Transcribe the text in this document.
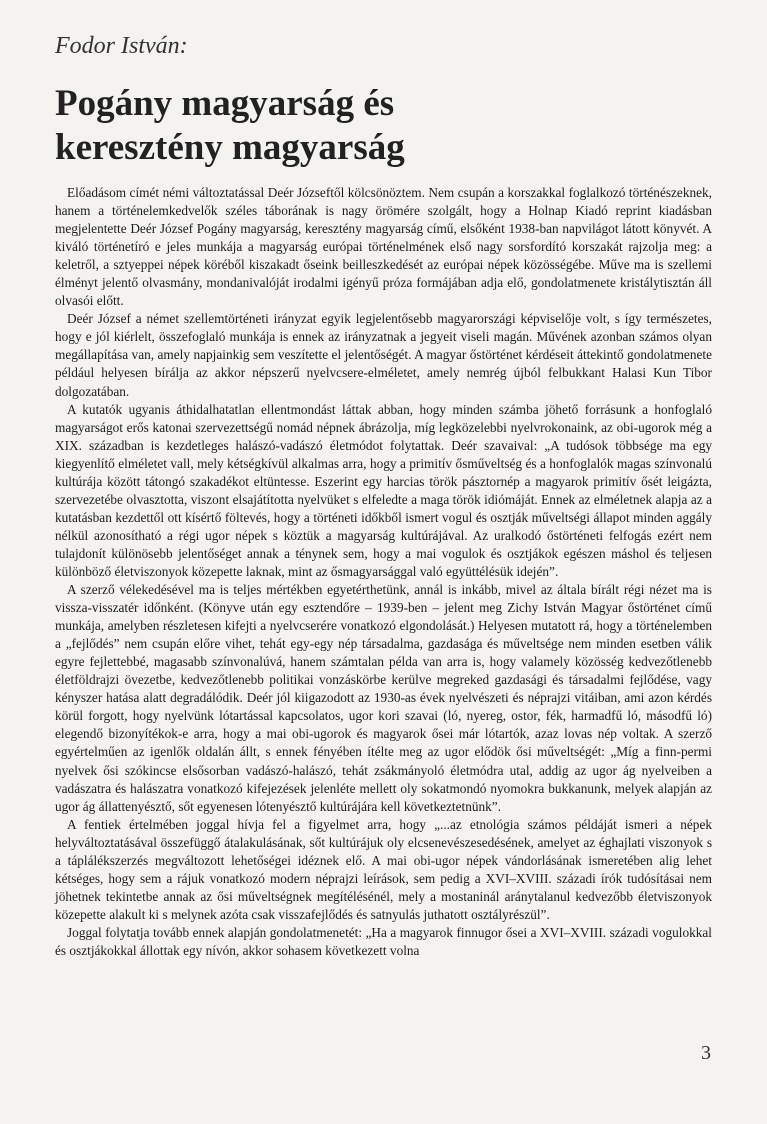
Fodor István:
Pogány magyarság és
keresztény magyarság

Előadásom címét némi változtatással Deér Józseftől kölcsönöztem. Nem csupán a korszakkal foglalkozó történészeknek, hanem a történelemkedvelők széles táborának is nagy örömére szolgált, hogy a Holnap Kiadó reprint kiadásban megjelentette Deér József Pogány magyarság, keresztény magyarság című, elsőként 1938-ban napvilágot látott könyvét. A kiváló történetíró e jeles munkája a magyarság európai történelmének első nagy sorsfordító korszakát rajzolja meg: a keletről, a sztyeppei népek köréből kiszakadt őseink beilleszkedését az európai népek közösségébe. Műve ma is szellemi élményt jelentő olvasmány, mondanivalóját irodalmi igényű próza formájában adja elő, gondolatmenete kristálytisztán áll olvasói előtt.

Deér József a német szellemtörténeti irányzat egyik legjelentősebb magyarországi képviselője volt, s így természetes, hogy e jól kiérlelt, összefoglaló munkája is ennek az irányzatnak a jegyeit viseli magán. Művének azonban számos olyan megállapítása van, amely napjainkig sem veszítette el jelentőségét. A magyar őstörténet kérdéseit áttekintő gondolatmenete például helyesen bírálja az akkor népszerű nyelvcsere-elméletet, amely nemrég újból felbukkant Halasi Kun Tibor dolgozatában.

A kutatók ugyanis áthidalhatatlan ellentmondást láttak abban, hogy minden számba jöhető forrásunk a honfoglaló magyarságot erős katonai szervezettségű nomád népnek ábrázolja, míg legközelebbi nyelvrokonaink, az obi-ugorok még a XIX. században is kezdetleges halászó-vadászó életmódot folytattak. Deér szavaival: „A tudósok többsége ma egy kiegyenlítő elméletet vall, mely kétségkívül alkalmas arra, hogy a primitív ősműveltség és a honfoglalók magas színvonalú kultúrája között tátongó szakadékot eltüntesse. Eszerint egy harcias török pásztornép a magyarok primitív ősét leigázta, szervezetébe olvasztotta, viszont elsajátította nyelvüket s elfeledte a maga török idiómáját. Ennek az elméletnek alapja az a kutatásban kezdettől ott kísértő föltevés, hogy a történeti időkből ismert vogul és osztják műveltségi állapot minden aggály nélkül azonosítható a régi ugor népek s köztük a magyarság kultúrájával. Az uralkodó őstörténeti felfogás ezért nem tulajdonít különösebb jelentőséget annak a ténynek sem, hogy a mai vogulok és osztjákok egészen máshol és teljesen különböző életviszonyok közepette laknak, mint az ősmagyarsággal való együttélésük idején”.

A szerző vélekedésével ma is teljes mértékben egyetérthetünk, annál is inkább, mivel az általa bírált régi nézet ma is vissza-visszatér időnként. (Könyve után egy esztendőre – 1939-ben – jelent meg Zichy István Magyar őstörténet című munkája, amelyben részletesen kifejti a nyelvcserére vonatkozó elgondolását.) Helyesen mutatott rá, hogy a történelemben a „fejlődés” nem csupán előre vihet, tehát egy-egy nép társadalma, gazdasága és műveltsége nem minden esetben válik egyre fejlettebbé, magasabb színvonalúvá, hanem számtalan példa van arra is, hogy valamely közösség kedvezőtlenebb életföldrajzi övezetbe, kedvezőtlenebb politikai vonzáskörbe kerülve megreked gazdasági és társadalmi fejlődése, vagy kényszer hatása alatt degradálódik. Deér jól kiigazodott az 1930-as évek nyelvészeti és néprajzi vitáiban, ami azon kérdés körül forgott, hogy nyelvünk lótartással kapcsolatos, ugor kori szavai (ló, nyereg, ostor, fék, harmadfű ló, másodfű ló) elegendő bizonyítékok-e arra, hogy a mai obi-ugorok és magyarok ősei már lótartók, azaz lovas nép voltak. A szerző egyértelműen az igenlők oldalán állt, s ennek fényében ítélte meg az ugor elődök ősi műveltségét: „Míg a finn-permi nyelvek ősi szókincse elsősorban vadászó-halászó, tehát zsákmányoló életmódra utal, addig az ugor ág nyelveiben a vadászatra és halászatra vonatkozó kifejezések jelenléte mellett oly sokatmondó nyomokra bukkanunk, melyek alapján az ugor ág állattenyésztő, sőt egyenesen lótenyésztő kultúrájára kell következtetnünk”.

A fentiek értelmében joggal hívja fel a figyelmet arra, hogy „...az etnológia számos példáját ismeri a népek helyváltoztatásával összefüggő átalakulásának, sőt kultúrájuk oly elcsenevészesedésének, amelyet az éghajlati viszonyok s a táplálékszerzés megváltozott lehetőségei idéznek elő. A mai obi-ugor népek vándorlásának ismeretében alig lehet kétséges, hogy sem a rájuk vonatkozó modern néprajzi leírások, sem pedig a XVI–XVIII. századi írók tudósításai nem jöhetnek tekintetbe annak az ősi műveltségnek megítélésénél, mely a mostaninál aránytalanul kedvezőbb életviszonyok közepette alakult ki s melynek azóta csak visszafejlődés és satnyulás juthatott osztályrészül”.

Joggal folytatja tovább ennek alapján gondolatmenetét: „Ha a magyarok finnugor ősei a XVI–XVIII. századi vogulokkal és osztjákokkal állottak egy nívón, akkor sohasem következett volna

3
